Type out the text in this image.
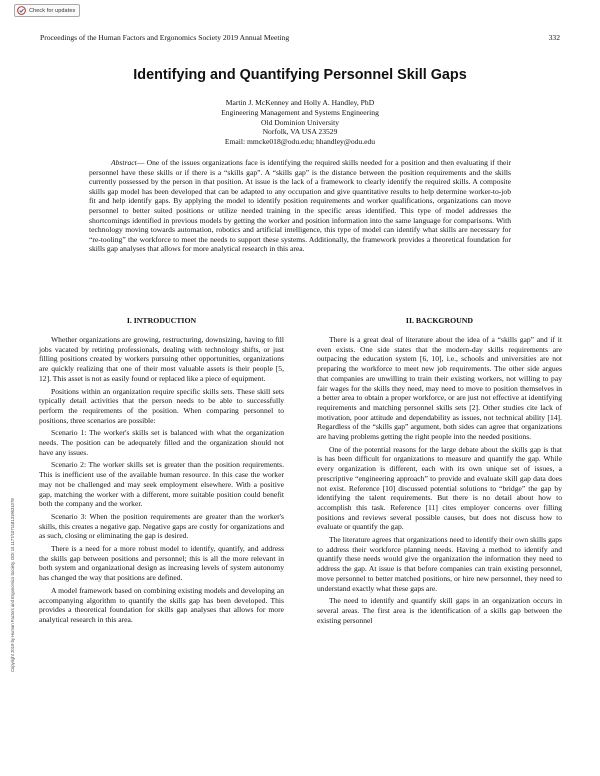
Check for updates
Proceedings of the Human Factors and Ergonomics Society 2019 Annual Meeting	332
Copyright 2019 by Human Factors and Ergonomics Society. DOI 10.1177/1071181319631078
Identifying and Quantifying Personnel Skill Gaps
Martin J. McKenney and Holly A. Handley, PhD
Engineering Management and Systems Engineering
Old Dominion University
Norfolk, VA USA 23529
Email: mmcke018@odu.edu; hhandley@odu.edu
Abstract— One of the issues organizations face is identifying the required skills needed for a position and then evaluating if their personnel have these skills or if there is a “skills gap”. A “skills gap” is the distance between the position requirements and the skills currently possessed by the person in that position. At issue is the lack of a framework to clearly identify the required skills. A composite skills gap model has been developed that can be adapted to any occupation and give quantitative results to help determine worker-to-job fit and help identify gaps. By applying the model to identify position requirements and worker qualifications, organizations can move personnel to better suited positions or utilize needed training in the specific areas identified. This type of model addresses the shortcomings identified in previous models by getting the worker and position information into the same language for comparisons. With technology moving towards automation, robotics and artificial intelligence, this type of model can identify what skills are necessary for “re-tooling” the workforce to meet the needs to support these systems. Additionally, the framework provides a theoretical foundation for skills gap analyses that allows for more analytical research in this area.
I. INTRODUCTION

Whether organizations are growing, restructuring, downsizing, having to fill jobs vacated by retiring professionals, dealing with technology shifts, or just filling positions created by workers pursuing other opportunities, organizations are quickly realizing that one of their most valuable assets is their people [5, 12]. This asset is not as easily found or replaced like a piece of equipment.

Positions within an organization require specific skills sets. These skill sets typically detail activities that the person needs to be able to successfully perform the requirements of the position. When comparing personnel to positions, three scenarios are possible:

Scenario 1: The worker's skills set is balanced with what the organization needs. The position can be adequately filled and the organization should not have any issues.

Scenario 2: The worker skills set is greater than the position requirements. This is inefficient use of the available human resource. In this case the worker may not be challenged and may seek employment elsewhere. With a positive gap, matching the worker with a different, more suitable position could benefit both the company and the worker.

Scenario 3: When the position requirements are greater than the worker's skills, this creates a negative gap. Negative gaps are costly for organizations and as such, closing or eliminating the gap is desired.

There is a need for a more robust model to identify, quantify, and address the skills gap between positions and personnel; this is all the more relevant in both system and organizational design as increasing levels of system autonomy has changed the way that positions are defined.

A model framework based on combining existing models and developing an accompanying algorithm to quantify the skills gap has been developed. This provides a theoretical foundation for skills gap analyses that allows for more analytical research in this area.

II. BACKGROUND

There is a great deal of literature about the idea of a “skills gap” and if it even exists. One side states that the modern-day skills requirements are outpacing the education system [6, 10], i.e., schools and universities are not preparing the workforce to meet new job requirements. The other side argues that companies are unwilling to train their existing workers, not willing to pay fair wages for the skills they need, may need to move to position themselves in a better area to obtain a proper workforce, or are just not effective at identifying requirements and matching personnel skills sets [2]. Other studies cite lack of motivation, poor attitude and dependability as issues, not technical ability [14]. Regardless of the “skills gap” argument, both sides can agree that organizations are having problems getting the right people into the needed positions.

One of the potential reasons for the large debate about the skills gap is that is has been difficult for organizations to measure and quantify the gap. While every organization is different, each with its own unique set of issues, a prescriptive “engineering approach” to provide and evaluate skill gap data does not exist. Reference [10] discussed potential solutions to “bridge” the gap by identifying the talent requirements. But there is no detail about how to accomplish this task. Reference [11] cites employer concerns over filling positions and reviews several possible causes, but does not discuss how to evaluate or quantify the gap.

The literature agrees that organizations need to identify their own skills gaps to address their workforce planning needs. Having a method to identify and quantify these needs would give the organization the information they need to address the gap. At issue is that before companies can train existing personnel, move personnel to better matched positions, or hire new personnel, they need to understand exactly what these gaps are.

The need to identify and quantify skill gaps in an organization occurs in several areas. The first area is the identification of a skills gap between the existing personnel
